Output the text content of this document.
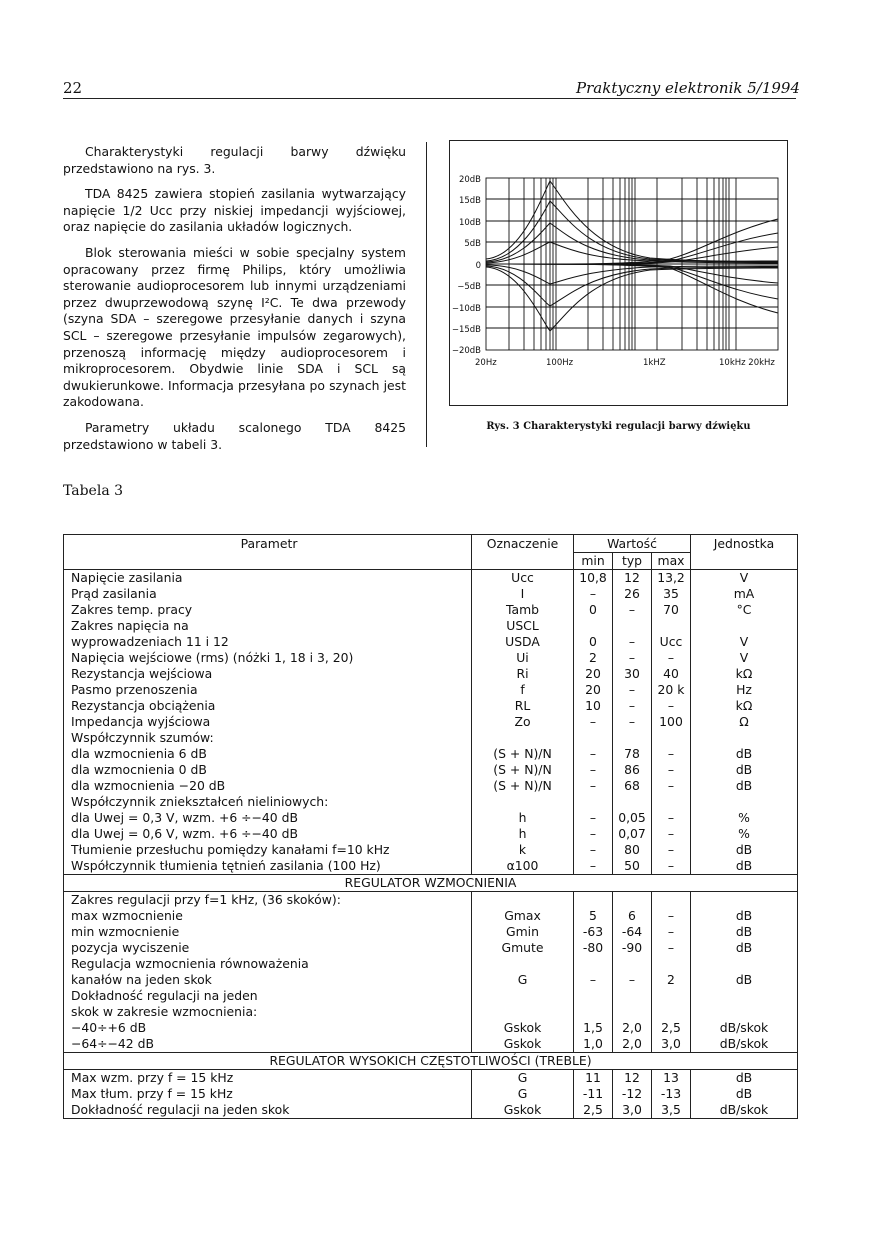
22	Praktyczny elektronik 5/1994

Charakterystyki regulacji barwy dźwięku przedstawiono na rys. 3.

TDA 8425 zawiera stopień zasilania wytwarzający napięcie 1/2 Ucc przy niskiej impedancji wyjściowej, oraz napięcie do zasilania układów logicznych.

Blok sterowania mieści w sobie specjalny system opracowany przez firmę Philips, który umożliwia sterowanie audioprocesorem lub innymi urządzeniami przez dwuprzewodową szynę I²C. Te dwa przewody (szyna SDA – szeregowe przesyłanie danych i szyna SCL – szeregowe przesyłanie impulsów zegarowych), przenoszą informację między audioprocesorem i mikroprocesorem. Obydwie linie SDA i SCL są dwukierunkowe. Informacja przesyłana po szynach jest zakodowana.

Parametry układu scalonego TDA 8425 przedstawiono w tabeli 3.

20dB
15dB
10dB
5dB
0
−5dB
−10dB
−15dB
−20dB
20Hz	100Hz	1kHZ	10kHz 20kHz
Rys. 3 Charakterystyki regulacji barwy dźwięku
Tabela 3
Parametr	Oznaczenie	Wartość			Jednostka
		min	typ	max	
Napięcie zasilania	Ucc	10,8	12	13,2	V
Prąd zasilania	I	–	26	35	mA
Zakres temp. pracy	Tamb	0	–	70	°C
Zakres napięcia na	USCL				
wyprowadzeniach 11 i 12	USDA	0	–	Ucc	V
Napięcia wejściowe (rms) (nóżki 1, 18 i 3, 20)	Ui	2	–	–	V
Rezystancja wejściowa	Ri	20	30	40	kΩ
Pasmo przenoszenia	f	20	–	20 k	Hz
Rezystancja obciążenia	RL	10	–	–	kΩ
Impedancja wyjściowa	Zo	–	–	100	Ω
Współczynnik szumów:					
dla wzmocnienia 6 dB	(S + N)/N	–	78	–	dB
dla wzmocnienia 0 dB	(S + N)/N	–	86	–	dB
dla wzmocnienia −20 dB	(S + N)/N	–	68	–	dB
Współczynnik zniekształceń nieliniowych:					
dla Uwej = 0,3 V, wzm. +6 ÷−40 dB	h	–	0,05	–	%
dla Uwej = 0,6 V, wzm. +6 ÷−40 dB	h	–	0,07	–	%
Tłumienie przesłuchu pomiędzy kanałami f=10 kHz	k	–	80	–	dB
Współczynnik tłumienia tętnień zasilania (100 Hz)	α100	–	50	–	dB
REGULATOR WZMOCNIENIA					
Zakres regulacji przy f=1 kHz, (36 skoków):					
max wzmocnienie	Gmax	5	6	–	dB
min wzmocnienie	Gmin	-63	-64	–	dB
pozycja wyciszenie	Gmute	-80	-90	–	dB
Regulacja wzmocnienia równoważenia					
kanałów na jeden skok	G	–	–	2	dB
Dokładność regulacji na jeden					
skok w zakresie wzmocnienia:					
−40÷+6 dB	Gskok	1,5	2,0	2,5	dB/skok
−64÷−42 dB	Gskok	1,0	2,0	3,0	dB/skok
REGULATOR WYSOKICH CZĘSTOTLIWOŚCI (TREBLE)					
Max wzm. przy f = 15 kHz	G	11	12	13	dB
Max tłum. przy f = 15 kHz	G	-11	-12	-13	dB
Dokładność regulacji na jeden skok	Gskok	2,5	3,0	3,5	dB/skok
